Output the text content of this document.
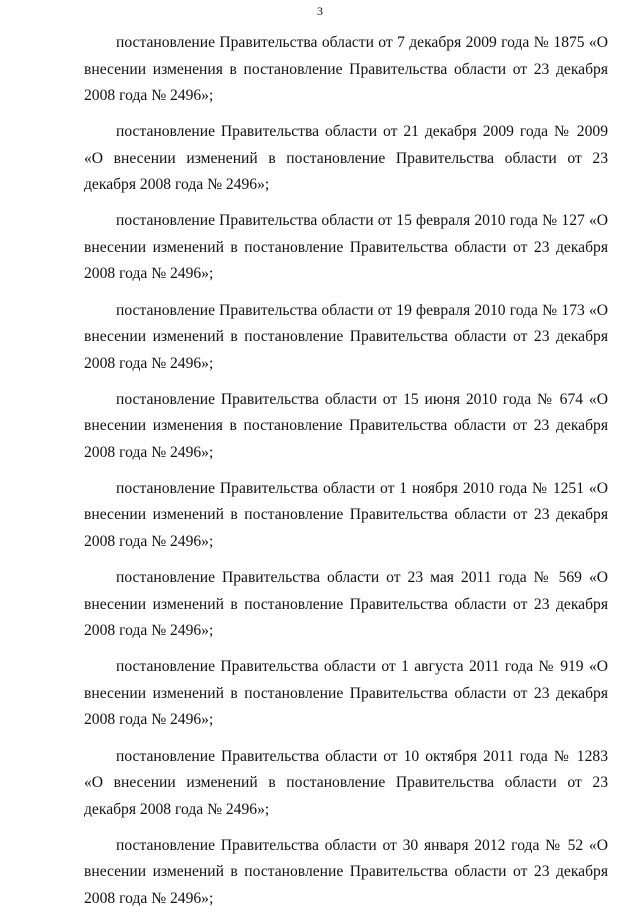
3

постановление Правительства области от 7 декабря 2009 года № 1875 «О внесении изменения в постановление Правительства области от 23 декабря 2008 года № 2496»;

постановление Правительства области от 21 декабря 2009 года № 2009 «О внесении изменений в постановление Правительства области от 23 декабря 2008 года № 2496»;

постановление Правительства области от 15 февраля 2010 года № 127 «О внесении изменений в постановление Правительства области от 23 декабря 2008 года № 2496»;

постановление Правительства области от 19 февраля 2010 года № 173 «О внесении изменений в постановление Правительства области от 23 декабря 2008 года № 2496»;

постановление Правительства области от 15 июня 2010 года № 674 «О внесении изменения в постановление Правительства области от 23 декабря 2008 года № 2496»;

постановление Правительства области от 1 ноября 2010 года № 1251 «О внесении изменений в постановление Правительства области от 23 декабря 2008 года № 2496»;

постановление Правительства области от 23 мая 2011 года № 569 «О внесении изменений в постановление Правительства области от 23 декабря 2008 года № 2496»;

постановление Правительства области от 1 августа 2011 года № 919 «О внесении изменений в постановление Правительства области от 23 декабря 2008 года № 2496»;

постановление Правительства области от 10 октября 2011 года № 1283 «О внесении изменений в постановление Правительства области от 23 декабря 2008 года № 2496»;

постановление Правительства области от 30 января 2012 года № 52 «О внесении изменений в постановление Правительства области от 23 декабря 2008 года № 2496»;
